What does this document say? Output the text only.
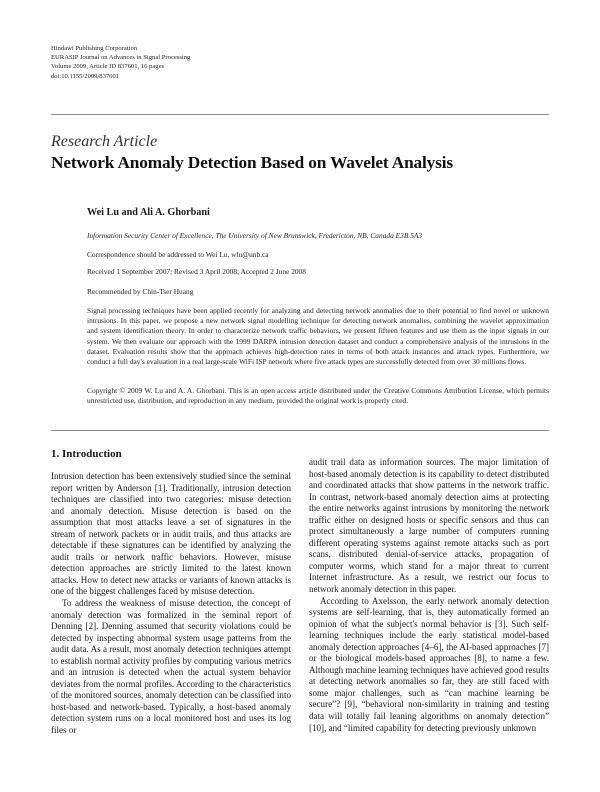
Hindawi Publishing Corporation
EURASIP Journal on Advances in Signal Processing
Volume 2009, Article ID 837601, 16 pages
doi:10.1155/2009/837601
Research Article
Network Anomaly Detection Based on Wavelet Analysis
Wei Lu and Ali A. Ghorbani
Information Security Center of Excellence, The University of New Brunswick, Fredericton, NB, Canada E3B 5A3
Correspondence should be addressed to Wei Lu, wlu@unb.ca
Received 1 September 2007; Revised 3 April 2008; Accepted 2 June 2008
Recommended by Chin-Tser Huang
Signal processing techniques have been applied recently for analyzing and detecting network anomalies due to their potential to find novel or unknown intrusions. In this paper, we propose a new network signal modelling technique for detecting network anomalies, combining the wavelet approximation and system identification theory. In order to characterize network traffic behaviors, we present fifteen features and use them as the input signals in our system. We then evaluate our approach with the 1999 DARPA intrusion detection dataset and conduct a comprehensive analysis of the intrusions in the dataset. Evaluation results show that the approach achieves high-detection rates in terms of both attack instances and attack types. Furthermore, we conduct a full day's evaluation in a real large-scale WiFi ISP network where five attack types are successfully detected from over 30 millions flows.
Copyright © 2009 W. Lu and A. A. Ghorbani. This is an open access article distributed under the Creative Commons Attribution License, which permits unrestricted use, distribution, and reproduction in any medium, provided the original work is properly cited.
1. Introduction

Intrusion detection has been extensively studied since the seminal report written by Anderson [1]. Traditionally, intrusion detection techniques are classified into two categories: misuse detection and anomaly detection. Misuse detection is based on the assumption that most attacks leave a set of signatures in the stream of network packets or in audit trails, and thus attacks are detectable if these signatures can be identified by analyzing the audit trails or network traffic behaviors. However, misuse detection approaches are strictly limited to the latest known attacks. How to detect new attacks or variants of known attacks is one of the biggest challenges faced by misuse detection.

To address the weakness of misuse detection, the concept of anomaly detection was formalized in the seminal report of Denning [2]. Denning assumed that security violations could be detected by inspecting abnormal system usage patterns from the audit data. As a result, most anomaly detection techniques attempt to establish normal activity profiles by computing various metrics and an intrusion is detected when the actual system behavior deviates from the normal profiles. According to the characteristics of the monitored sources, anomaly detection can be classified into host-based and network-based. Typically, a host-based anomaly detection system runs on a local monitored host and uses its log files or

audit trail data as information sources. The major limitation of host-based anomaly detection is its capability to detect distributed and coordinated attacks that show patterns in the network traffic. In contrast, network-based anomaly detection aims at protecting the entire networks against intrusions by monitoring the network traffic either on designed hosts or specific sensors and thus can protect simultaneously a large number of computers running different operating systems against remote attacks such as port scans, distributed denial-of-service attacks, propagation of computer worms, which stand for a major threat to current Internet infrastructure. As a result, we restrict our focus to network anomaly detection in this paper.

According to Axelsson, the early network anomaly detection systems are self-learning, that is, they automatically formed an opinion of what the subject's normal behavior is [3]. Such self-learning techniques include the early statistical model-based anomaly detection approaches [4–6], the AI-based approaches [7] or the biological models-based approaches [8], to name a few. Although machine learning techniques have achieved good results at detecting network anomalies so far, they are still faced with some major challenges, such as “can machine learning be secure”? [9], “behavioral non-similarity in training and testing data will totally fail leaning algorithms on anomaly detection” [10], and “limited capability for detecting previously unknown
